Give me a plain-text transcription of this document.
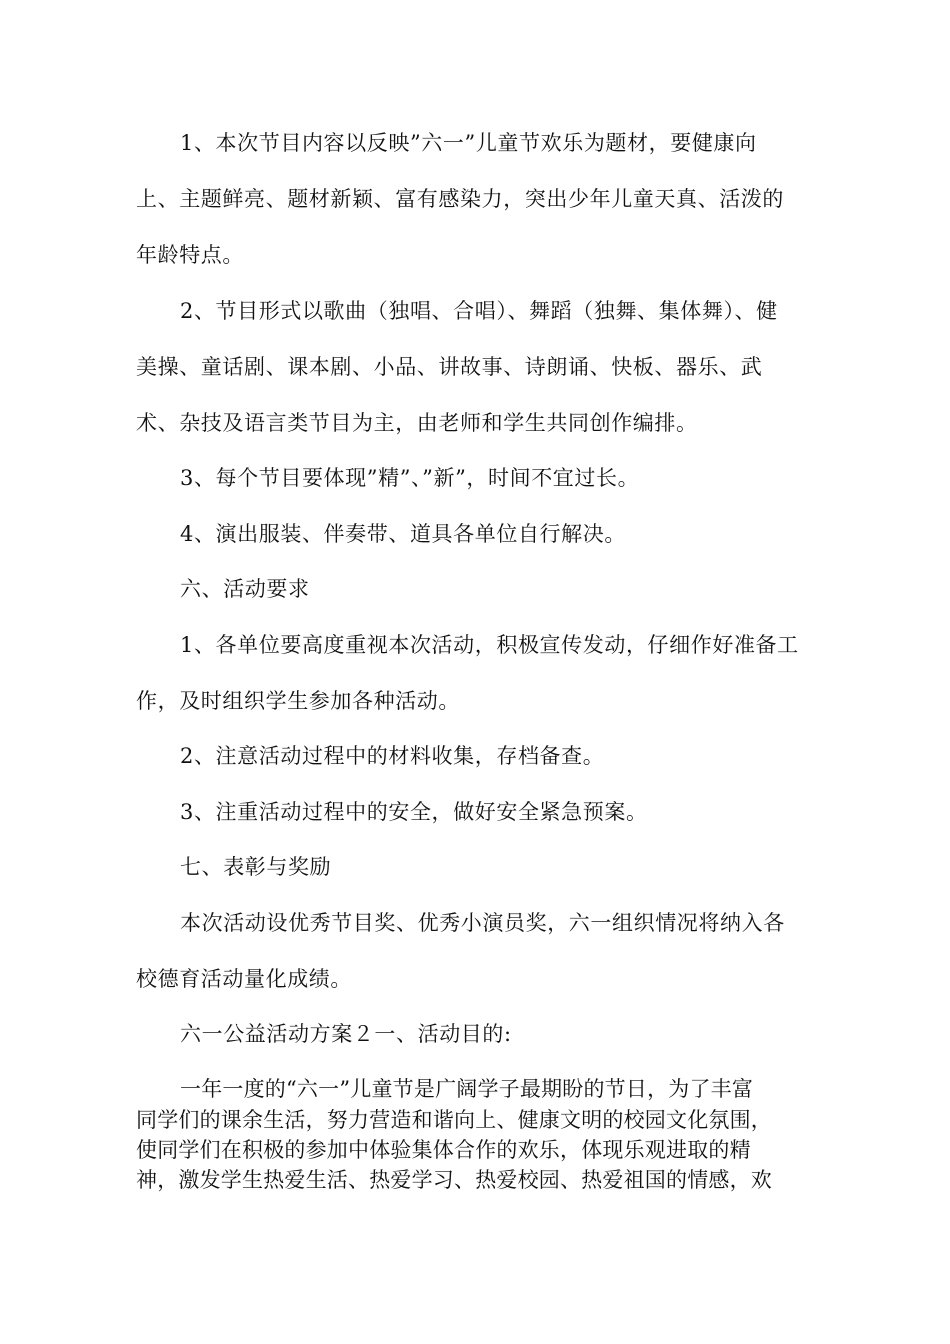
1、本次节目内容以反映”六一”儿童节欢乐为题材，要健康向
上、主题鲜亮、题材新颖、富有感染力，突出少年儿童天真、活泼的
年龄特点。
2、节目形式以歌曲（独唱、合唱）、舞蹈（独舞、集体舞）、健
美操、童话剧、课本剧、小品、讲故事、诗朗诵、快板、器乐、武
术、杂技及语言类节目为主，由老师和学生共同创作编排。
3、每个节目要体现”精”、”新”，时间不宜过长。
4、演出服装、伴奏带、道具各单位自行解决。
六、活动要求
1、各单位要高度重视本次活动，积极宣传发动，仔细作好准备工
作，及时组织学生参加各种活动。
2、注意活动过程中的材料收集，存档备查。
3、注重活动过程中的安全，做好安全紧急预案。
七、表彰与奖励
本次活动设优秀节目奖、优秀小演员奖，六一组织情况将纳入各
校德育活动量化成绩。
六一公益活动方案２一、活动目的:
一年一度的“六一”儿童节是广阔学子最期盼的节日，为了丰富
同学们的课余生活，努力营造和谐向上、健康文明的校园文化氛围，
使同学们在积极的参加中体验集体合作的欢乐，体现乐观进取的精
神，激发学生热爱生活、热爱学习、热爱校园、热爱祖国的情感，欢
